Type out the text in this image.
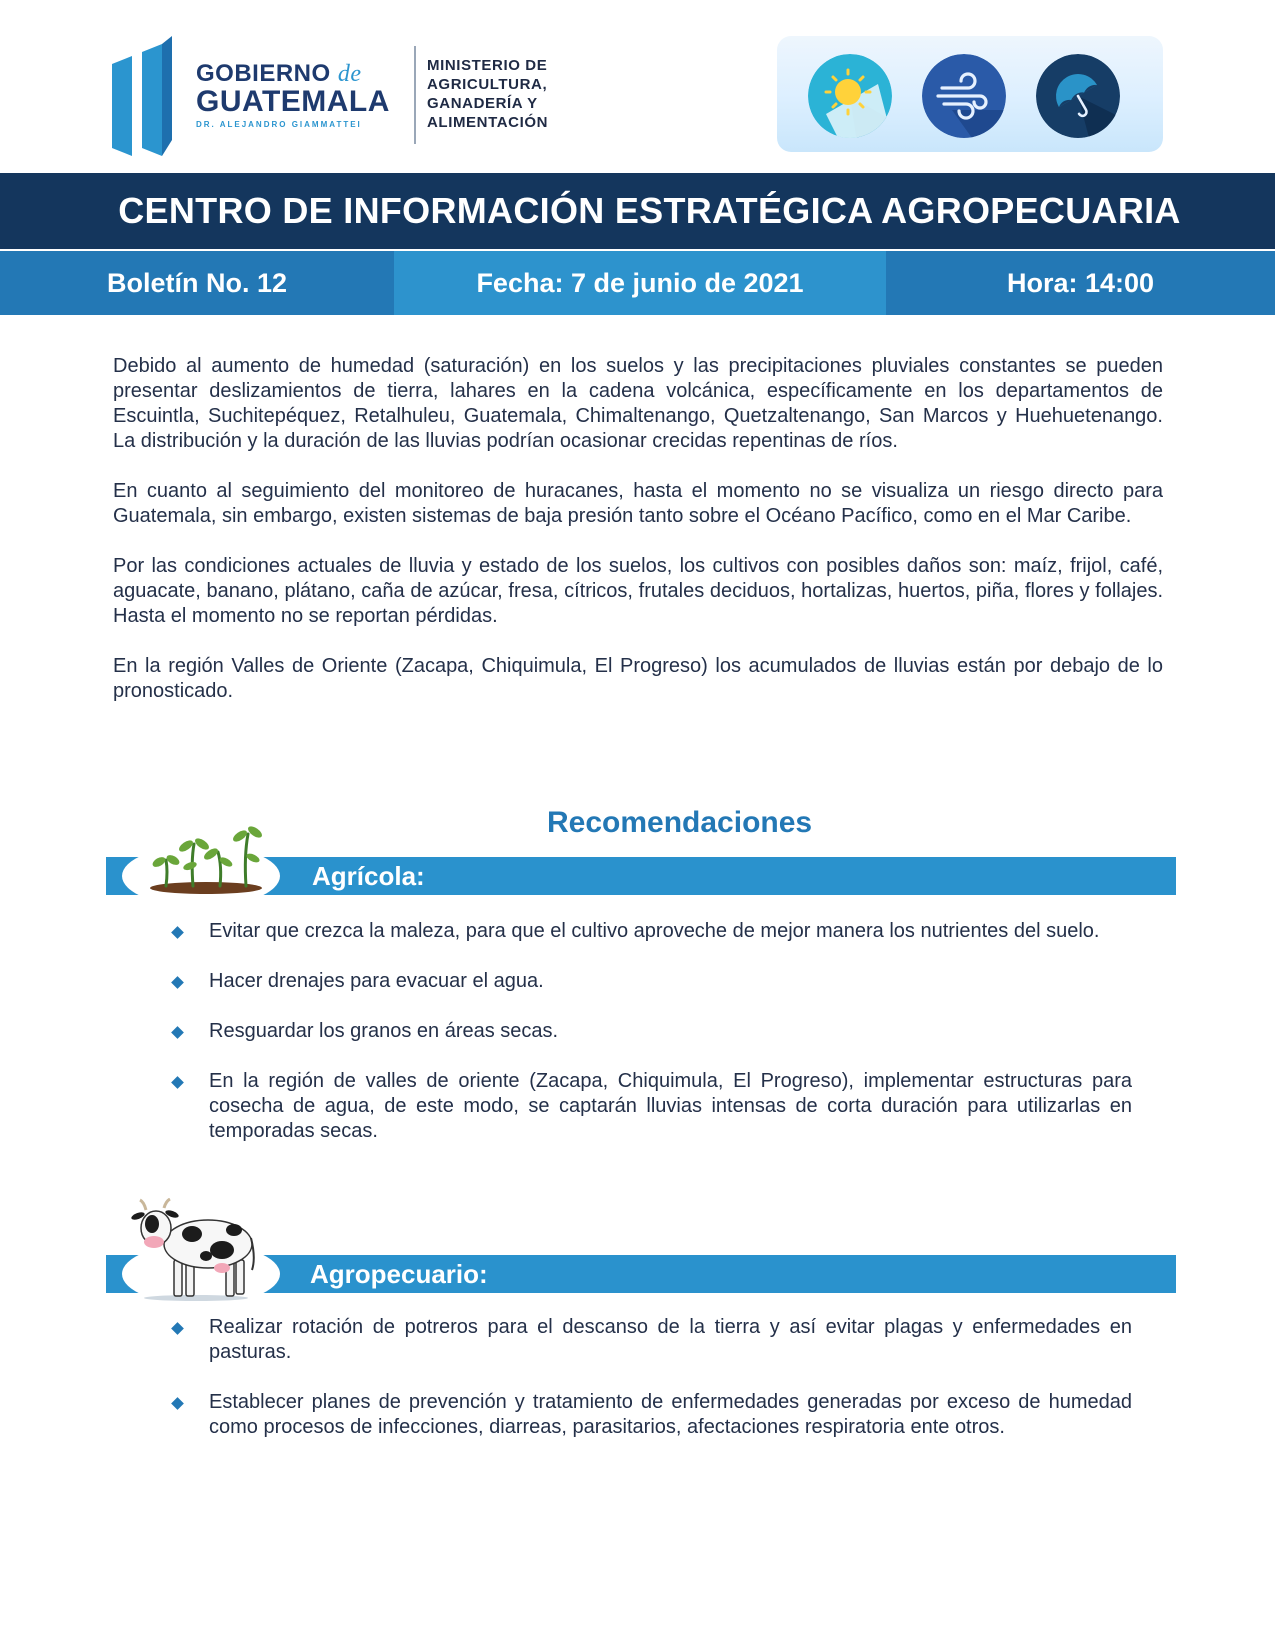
GOBIERNO de
GUATEMALA
DR. ALEJANDRO GIAMMATTEI
MINISTERIO DE
AGRICULTURA,
GANADERÍA Y
ALIMENTACIÓN
CENTRO DE INFORMACIÓN ESTRATÉGICA AGROPECUARIA
Boletín No. 12	Fecha: 7 de junio de 2021	Hora: 14:00

Debido al aumento de humedad (saturación) en los suelos y las precipitaciones pluviales constantes se pueden presentar deslizamientos de tierra, lahares en la cadena volcánica, específicamente en los departamentos de Escuintla, Suchitepéquez, Retalhuleu, Guatemala, Chimaltenango, Quetzaltenango, San Marcos y Huehuetenango. La distribución y la duración de las lluvias podrían ocasionar crecidas repentinas de ríos.

En cuanto al seguimiento del monitoreo de huracanes, hasta el momento no se visualiza un riesgo directo para Guatemala, sin embargo, existen sistemas de baja presión tanto sobre el Océano Pacífico, como en el Mar Caribe.

Por las condiciones actuales de lluvia y estado de los suelos, los cultivos con posibles daños son: maíz, frijol, café, aguacate, banano, plátano, caña de azúcar, fresa, cítricos, frutales deciduos, hortalizas, huertos, piña, flores y follajes. Hasta el momento no se reportan pérdidas.

En la región Valles de Oriente (Zacapa, Chiquimula, El Progreso) los acumulados de lluvias están por debajo de lo pronosticado.

Recomendaciones
Agrícola:
Evitar que crezca la maleza, para que el cultivo aproveche de mejor manera los nutrientes del suelo.
Hacer drenajes para evacuar el agua.
Resguardar los granos en áreas secas.
En la región de valles de oriente (Zacapa, Chiquimula, El Progreso), implementar estructuras para cosecha de agua, de este modo, se captarán lluvias intensas de corta duración para utilizarlas en temporadas secas.
Agropecuario:
Realizar rotación de potreros para el descanso de la tierra y así evitar plagas y enfermedades en pasturas.
Establecer planes de prevención y tratamiento de enfermedades generadas por exceso de humedad como procesos de infecciones, diarreas, parasitarios, afectaciones respiratoria ente otros.
